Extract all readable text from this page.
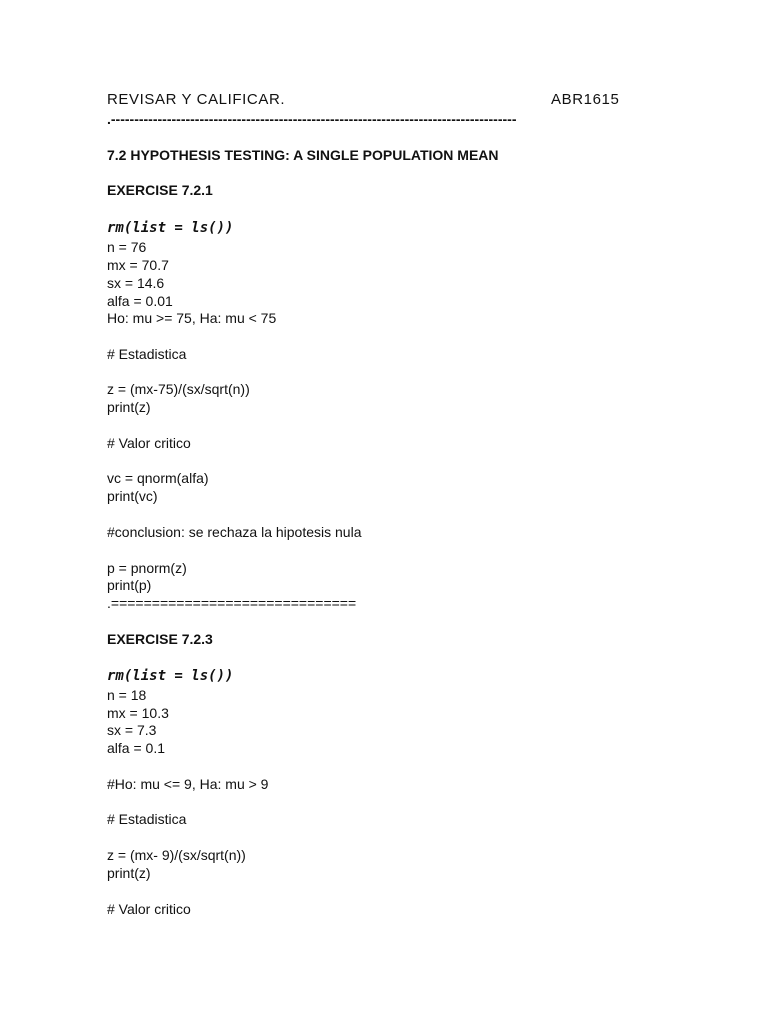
REVISAR Y CALIFICAR.	ABR1615
.---------------------------------------------------------------------------------------
7.2 HYPOTHESIS TESTING: A SINGLE POPULATION MEAN
EXERCISE 7.2.1
rm(list = ls())
n = 76
mx = 70.7
sx = 14.6
alfa = 0.01
Ho: mu >= 75, Ha: mu < 75
# Estadistica
z = (mx-75)/(sx/sqrt(n))
print(z)
# Valor critico
vc = qnorm(alfa)
print(vc)
#conclusion: se rechaza la hipotesis nula
p = pnorm(z)
print(p)
.==============================
EXERCISE 7.2.3
rm(list = ls())
n = 18
mx = 10.3
sx = 7.3
alfa = 0.1
#Ho: mu <= 9, Ha: mu > 9
# Estadistica
z = (mx- 9)/(sx/sqrt(n))
print(z)
# Valor critico
